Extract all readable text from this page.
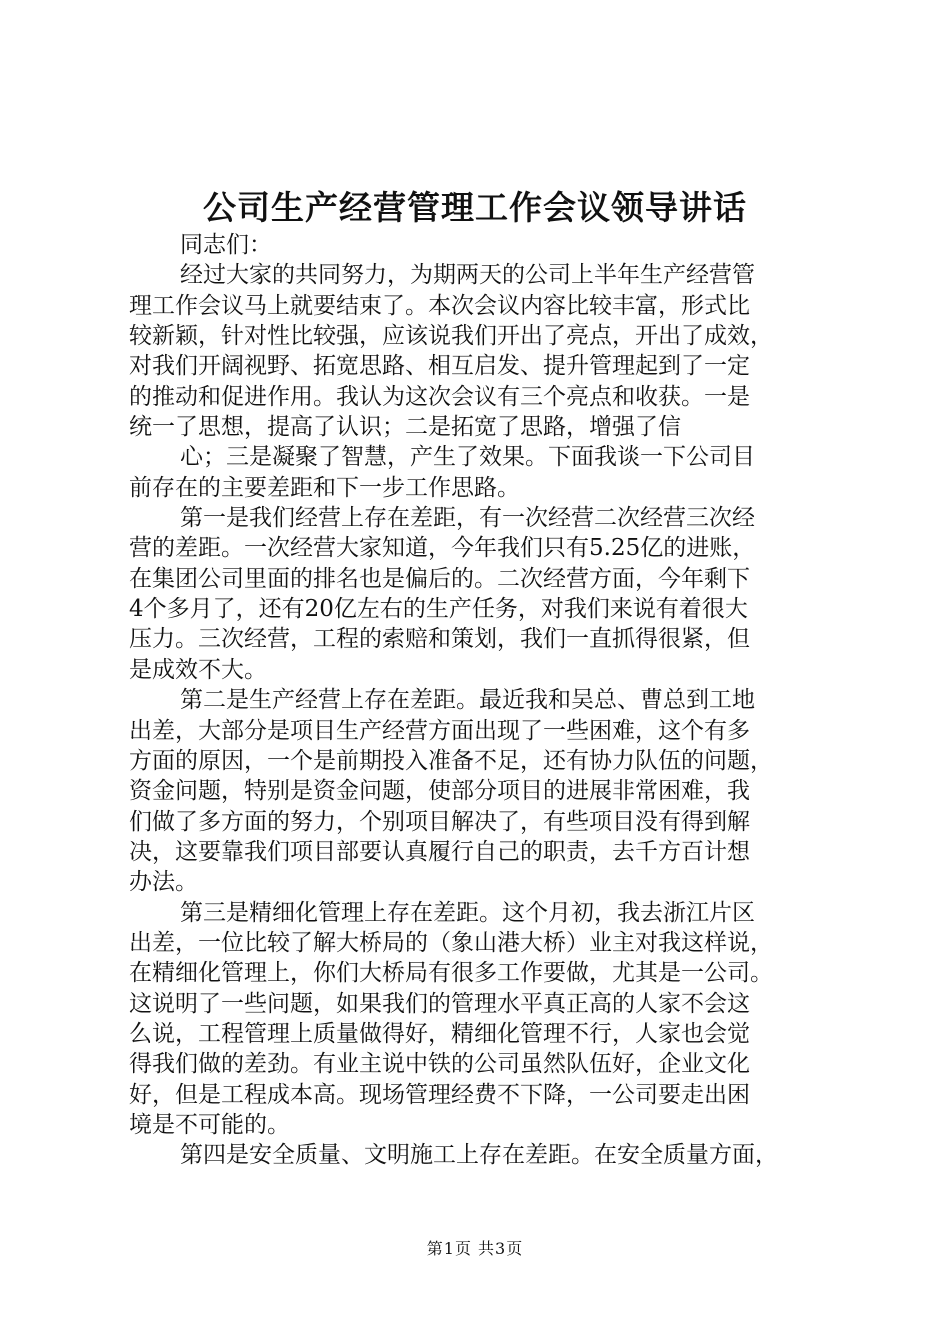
公司生产经营管理工作会议领导讲话
同志们：
经过大家的共同努力，为期两天的公司上半年生产经营管
理工作会议马上就要结束了。本次会议内容比较丰富，形式比
较新颖，针对性比较强，应该说我们开出了亮点，开出了成效，
对我们开阔视野、拓宽思路、相互启发、提升管理起到了一定
的推动和促进作用。我认为这次会议有三个亮点和收获。一是
统一了思想，提高了认识；二是拓宽了思路，增强了信
心；三是凝聚了智慧，产生了效果。下面我谈一下公司目
前存在的主要差距和下一步工作思路。
第一是我们经营上存在差距，有一次经营二次经营三次经
营的差距。一次经营大家知道，今年我们只有5.25亿的进账，
在集团公司里面的排名也是偏后的。二次经营方面，今年剩下
4个多月了，还有20亿左右的生产任务，对我们来说有着很大
压力。三次经营，工程的索赔和策划，我们一直抓得很紧，但
是成效不大。
第二是生产经营上存在差距。最近我和吴总、曹总到工地
出差，大部分是项目生产经营方面出现了一些困难，这个有多
方面的原因，一个是前期投入准备不足，还有协力队伍的问题，
资金问题，特别是资金问题，使部分项目的进展非常困难，我
们做了多方面的努力，个别项目解决了，有些项目没有得到解
决，这要靠我们项目部要认真履行自己的职责，去千方百计想
办法。
第三是精细化管理上存在差距。这个月初，我去浙江片区
出差，一位比较了解大桥局的（象山港大桥）业主对我这样说，
在精细化管理上，你们大桥局有很多工作要做，尤其是一公司。
这说明了一些问题，如果我们的管理水平真正高的人家不会这
么说，工程管理上质量做得好，精细化管理不行，人家也会觉
得我们做的差劲。有业主说中铁的公司虽然队伍好，企业文化
好，但是工程成本高。现场管理经费不下降，一公司要走出困
境是不可能的。
第四是安全质量、文明施工上存在差距。在安全质量方面，
第1页 共3页
